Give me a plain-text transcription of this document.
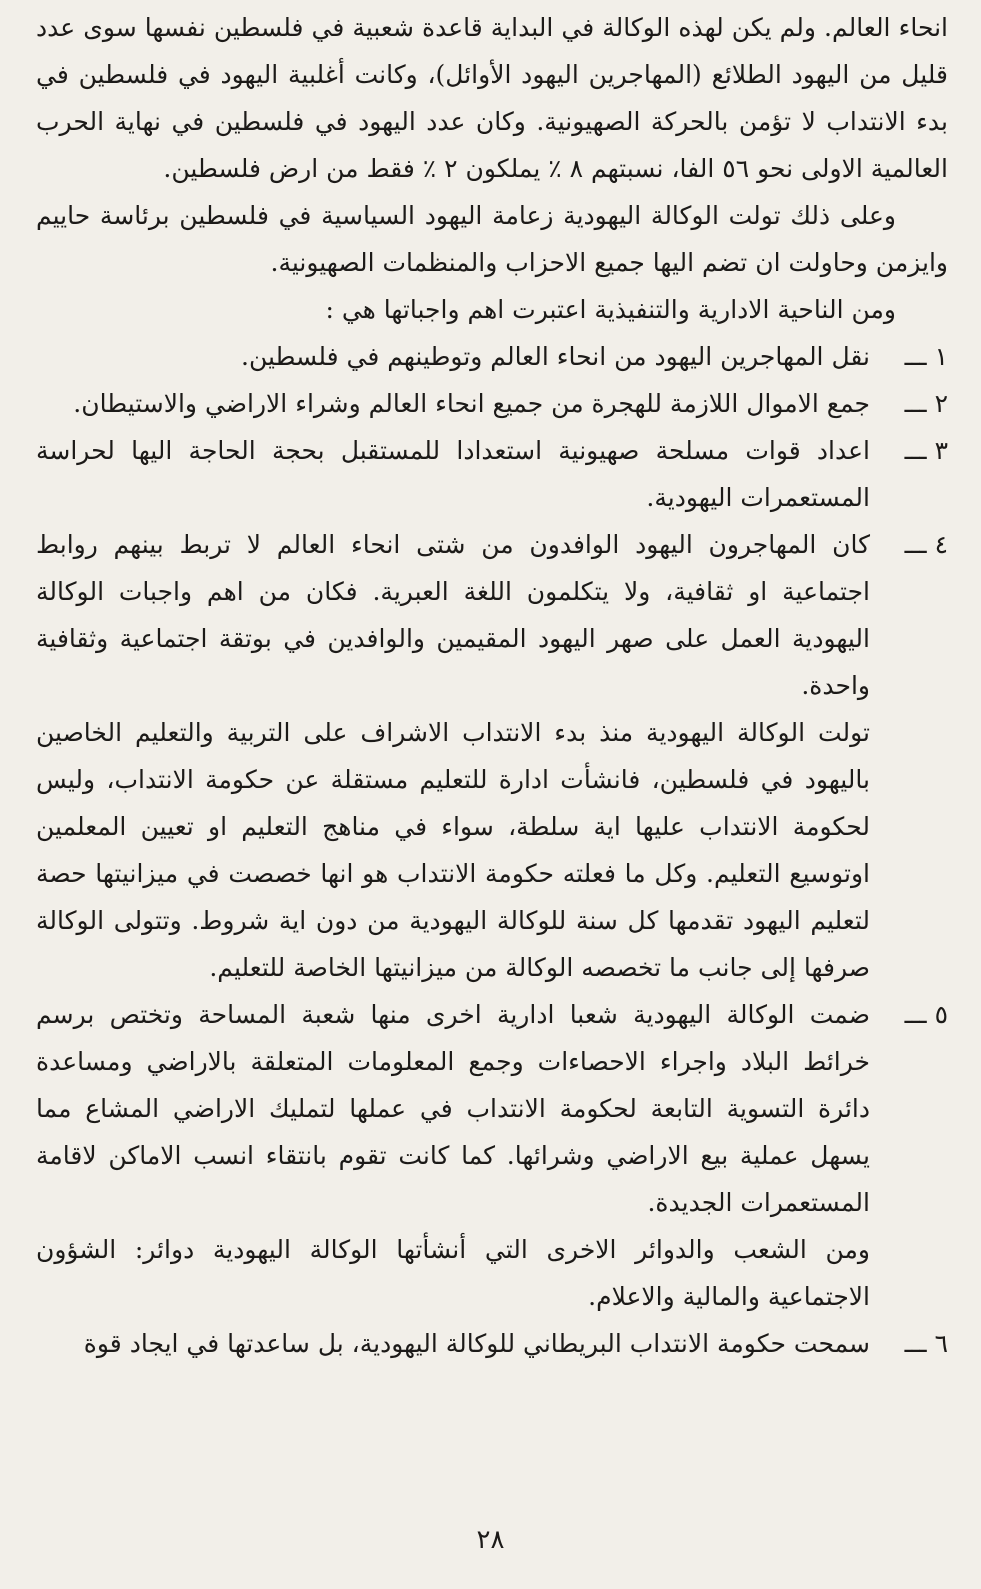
انحاء العالم. ولم يكن لهذه الوكالة في البداية قاعدة شعبية في فلسطين نفسها سوى عدد قليل من اليهود الطلائع (المهاجرين اليهود الأوائل)، وكانت أغلبية اليهود في فلسطين في بدء الانتداب لا تؤمن بالحركة الصهيونية. وكان عدد اليهود في فلسطين في نهاية الحرب العالمية الاولى نحو ٥٦ الفا، نسبتهم ٨ ٪ يملكون ٢ ٪ فقط من ارض فلسطين.

وعلى ذلك تولت الوكالة اليهودية زعامة اليهود السياسية في فلسطين برئاسة حاييم وايزمن وحاولت ان تضم اليها جميع الاحزاب والمنظمات الصهيونية.

ومن الناحية الادارية والتنفيذية اعتبرت اهم واجباتها هي :

١ ـــ
نقل المهاجرين اليهود من انحاء العالم وتوطينهم في فلسطين.
٢ ـــ
جمع الاموال اللازمة للهجرة من جميع انحاء العالم وشراء الاراضي والاستيطان.
٣ ـــ
اعداد قوات مسلحة صهيونية استعدادا للمستقبل بحجة الحاجة اليها لحراسة المستعمرات اليهودية.
٤ ـــ
كان المهاجرون اليهود الوافدون من شتى انحاء العالم لا تربط بينهم روابط اجتماعية او ثقافية، ولا يتكلمون اللغة العبرية. فكان من اهم واجبات الوكالة اليهودية العمل على صهر اليهود المقيمين والوافدين في بوتقة اجتماعية وثقافية واحدة.

تولت الوكالة اليهودية منذ بدء الانتداب الاشراف على التربية والتعليم الخاصين باليهود في فلسطين، فانشأت ادارة للتعليم مستقلة عن حكومة الانتداب، وليس لحكومة الانتداب عليها اية سلطة، سواء في مناهج التعليم او تعيين المعلمين اوتوسيع التعليم. وكل ما فعلته حكومة الانتداب هو انها خصصت في ميزانيتها حصة لتعليم اليهود تقدمها كل سنة للوكالة اليهودية من دون اية شروط. وتتولى الوكالة صرفها إلى جانب ما تخصصه الوكالة من ميزانيتها الخاصة للتعليم.

٥ ـــ
ضمت الوكالة اليهودية شعبا ادارية اخرى منها شعبة المساحة وتختص برسم خرائط البلاد واجراء الاحصاءات وجمع المعلومات المتعلقة بالاراضي ومساعدة دائرة التسوية التابعة لحكومة الانتداب في عملها لتمليك الاراضي المشاع مما يسهل عملية بيع الاراضي وشرائها. كما كانت تقوم بانتقاء انسب الاماكن لاقامة المستعمرات الجديدة.

ومن الشعب والدوائر الاخرى التي أنشأتها الوكالة اليهودية دوائر: الشؤون الاجتماعية والمالية والاعلام.

٦ ـــ
سمحت حكومة الانتداب البريطاني للوكالة اليهودية، بل ساعدتها في ايجاد قوة
٢٨
